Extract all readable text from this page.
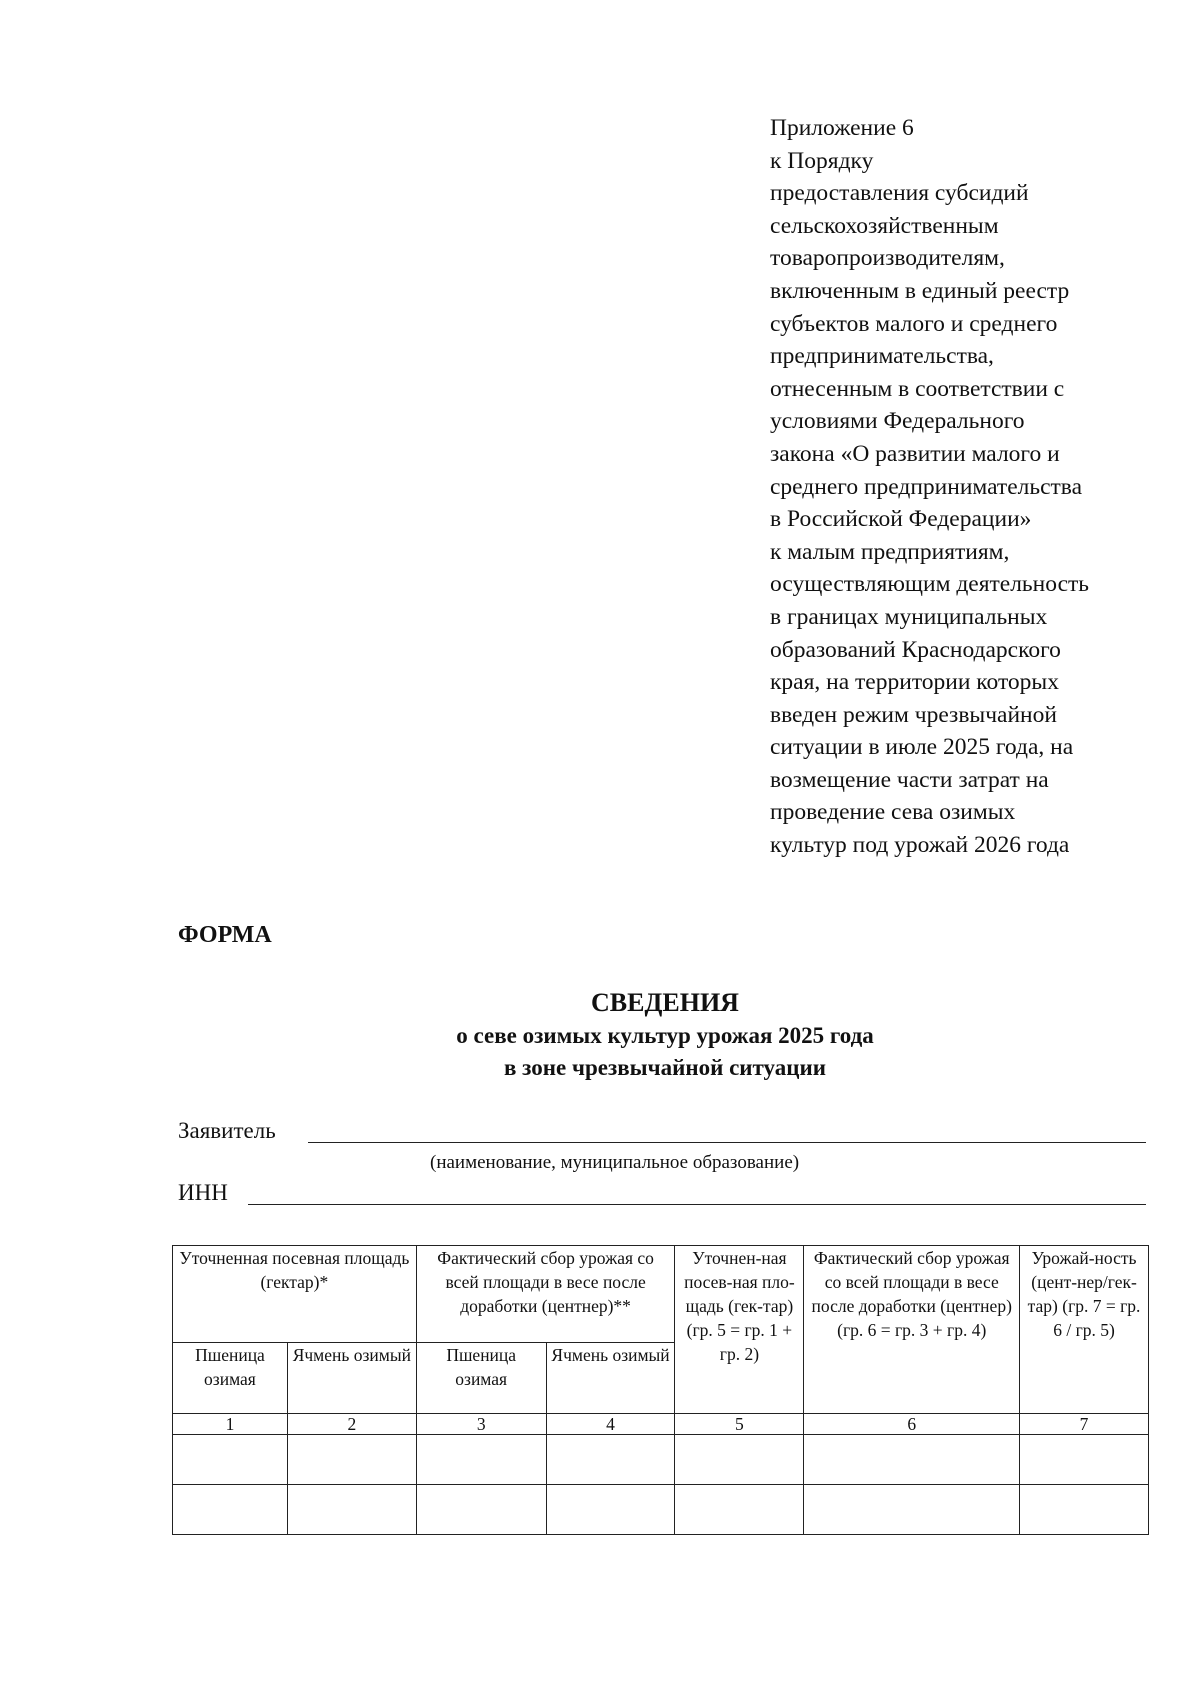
Приложение 6
к Порядку
предоставления субсидий
сельскохозяйственным
товаропроизводителям,
включенным в единый реестр
субъектов малого и среднего
предпринимательства,
отнесенным в соответствии с
условиями Федерального
закона «О развитии малого и
среднего предпринимательства
в Российской Федерации»
к малым предприятиям,
осуществляющим деятельность
в границах муниципальных
образований Краснодарского
края, на территории которых
введен режим чрезвычайной
ситуации в июле 2025 года, на
возмещение части затрат на
проведение сева озимых
культур под урожай 2026 года
ФОРМА
СВЕДЕНИЯ
о севе озимых культур урожая 2025 года
в зоне чрезвычайной ситуации
Заявитель
(наименование, муниципальное образование)
ИНН
Уточненная посевная площадь (гектар)*		Фактический сбор урожая со всей площади в весе после доработки (центнер)**		Уточнен-ная посев-ная пло-щадь (гек-тар) (гр. 5 = гр. 1 + гр. 2)	Фактический сбор урожая со всей площади в весе после доработки (центнер) (гр. 6 = гр. 3 + гр. 4)	Урожай-ность (цент-нер/гек-тар) (гр. 7 = гр. 6 / гр. 5)
Пшеница озимая	Ячмень озимый	Пшеница озимая	Ячмень озимый			
1	2	3	4	5	6	7
